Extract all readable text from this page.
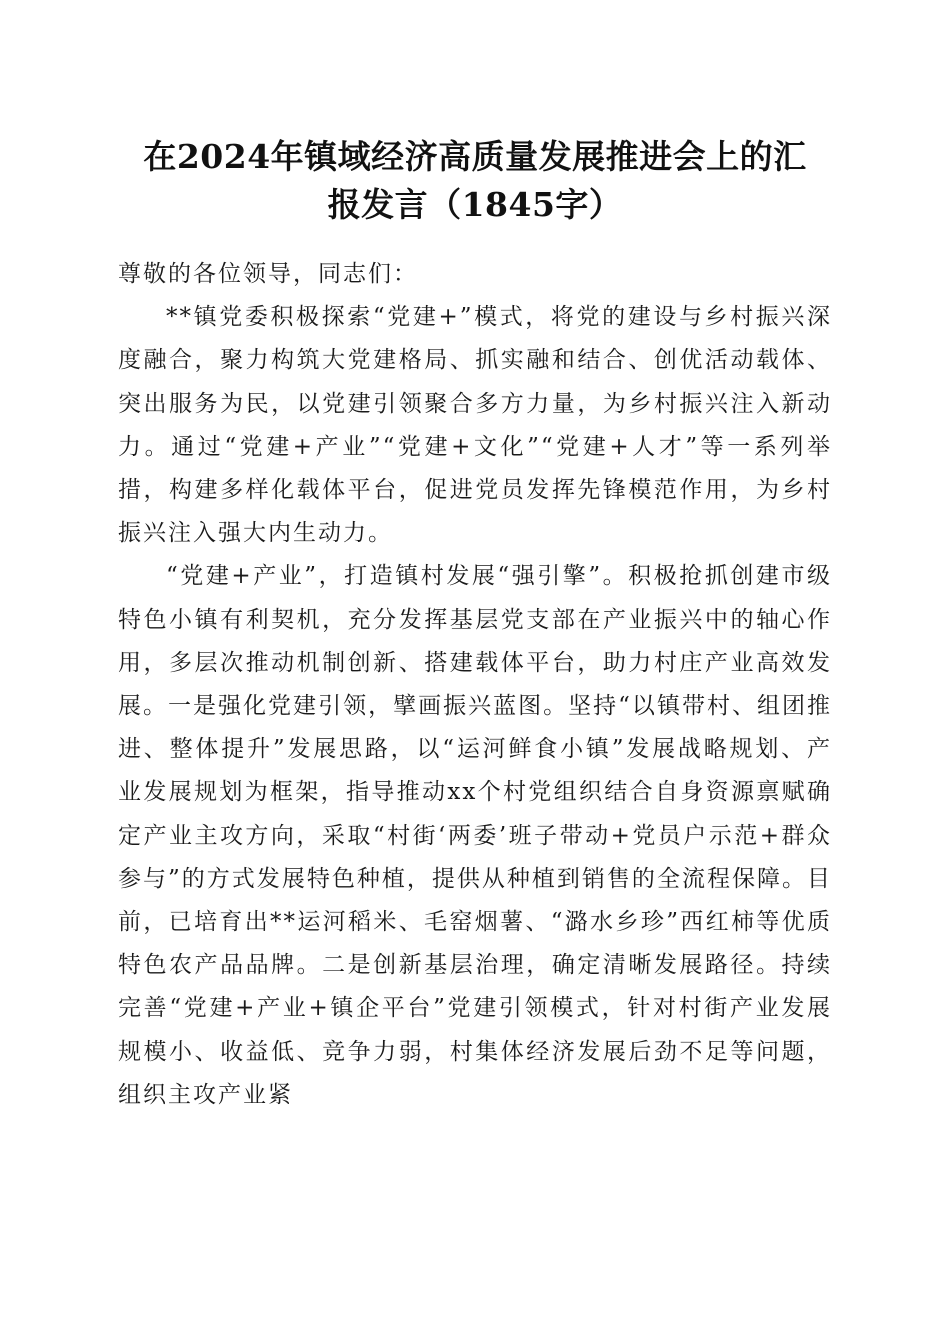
在2024年镇域经济高质量发展推进会上的汇
报发言（1845字）

尊敬的各位领导，同志们：

**镇党委积极探索“党建+”模式，将党的建设与乡村振兴深度融合，聚力构筑大党建格局、抓实融和结合、创优活动载体、突出服务为民，以党建引领聚合多方力量，为乡村振兴注入新动力。通过“党建+产业”“党建+文化”“党建+人才”等一系列举措，构建多样化载体平台，促进党员发挥先锋模范作用，为乡村振兴注入强大内生动力。

“党建+产业”，打造镇村发展“强引擎”。积极抢抓创建市级特色小镇有利契机，充分发挥基层党支部在产业振兴中的轴心作用，多层次推动机制创新、搭建载体平台，助力村庄产业高效发展。一是强化党建引领，擘画振兴蓝图。坚持“以镇带村、组团推进、整体提升”发展思路，以“运河鲜食小镇”发展战略规划、产业发展规划为框架，指导推动xx个村党组织结合自身资源禀赋确定产业主攻方向，采取“村街‘两委’班子带动+党员户示范+群众参与”的方式发展特色种植，提供从种植到销售的全流程保障。目前，已培育出**运河稻米、毛窑烟薯、“潞水乡珍”西红柿等优质特色农产品品牌。二是创新基层治理，确定清晰发展路径。持续完善“党建+产业+镇企平台”党建引领模式，针对村街产业发展规模小、收益低、竞争力弱，村集体经济发展后劲不足等问题，组织主攻产业紧
